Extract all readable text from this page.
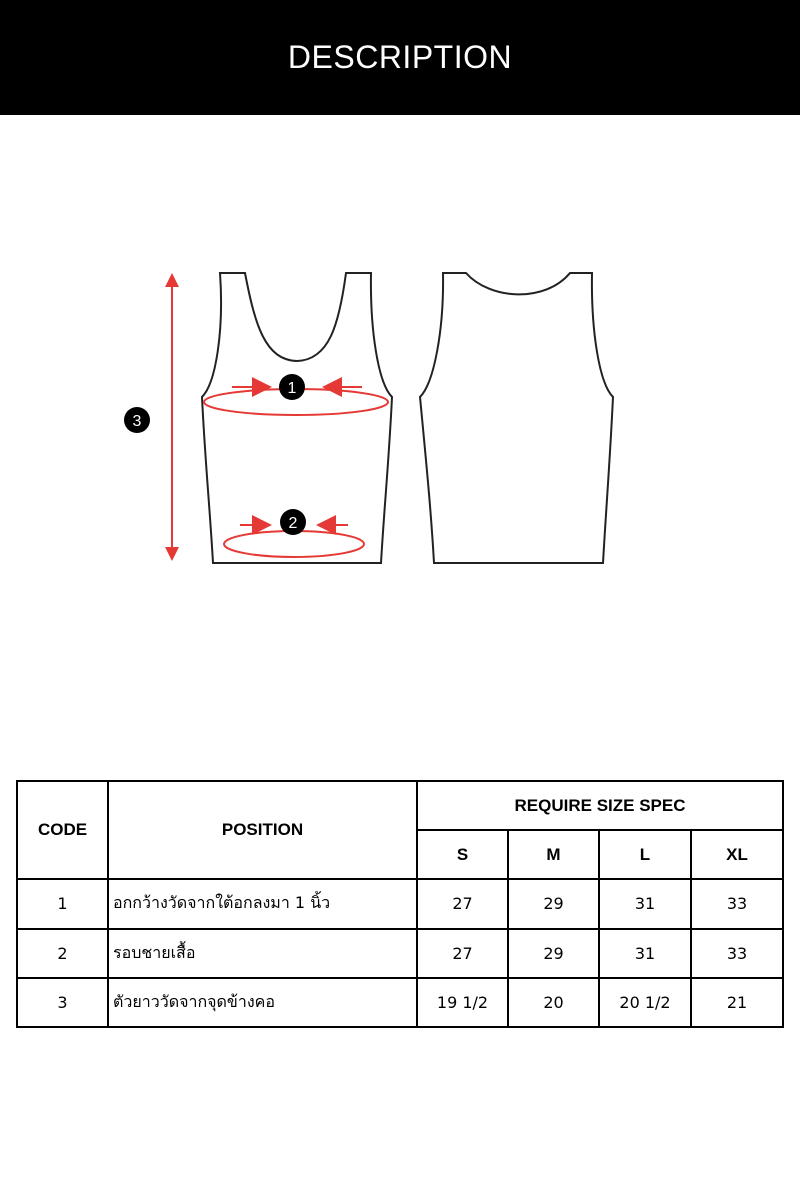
DESCRIPTION
1
2
3
CODE	POSITION	REQUIRE SIZE SPEC			
		S	M	L	XL
1	อกกว้างวัดจากใต้อกลงมา 1 นิ้ว	27	29	31	33
2	รอบชายเสื้อ	27	29	31	33
3	ตัวยาววัดจากจุดข้างคอ	19 1/2	20	20 1/2	21
